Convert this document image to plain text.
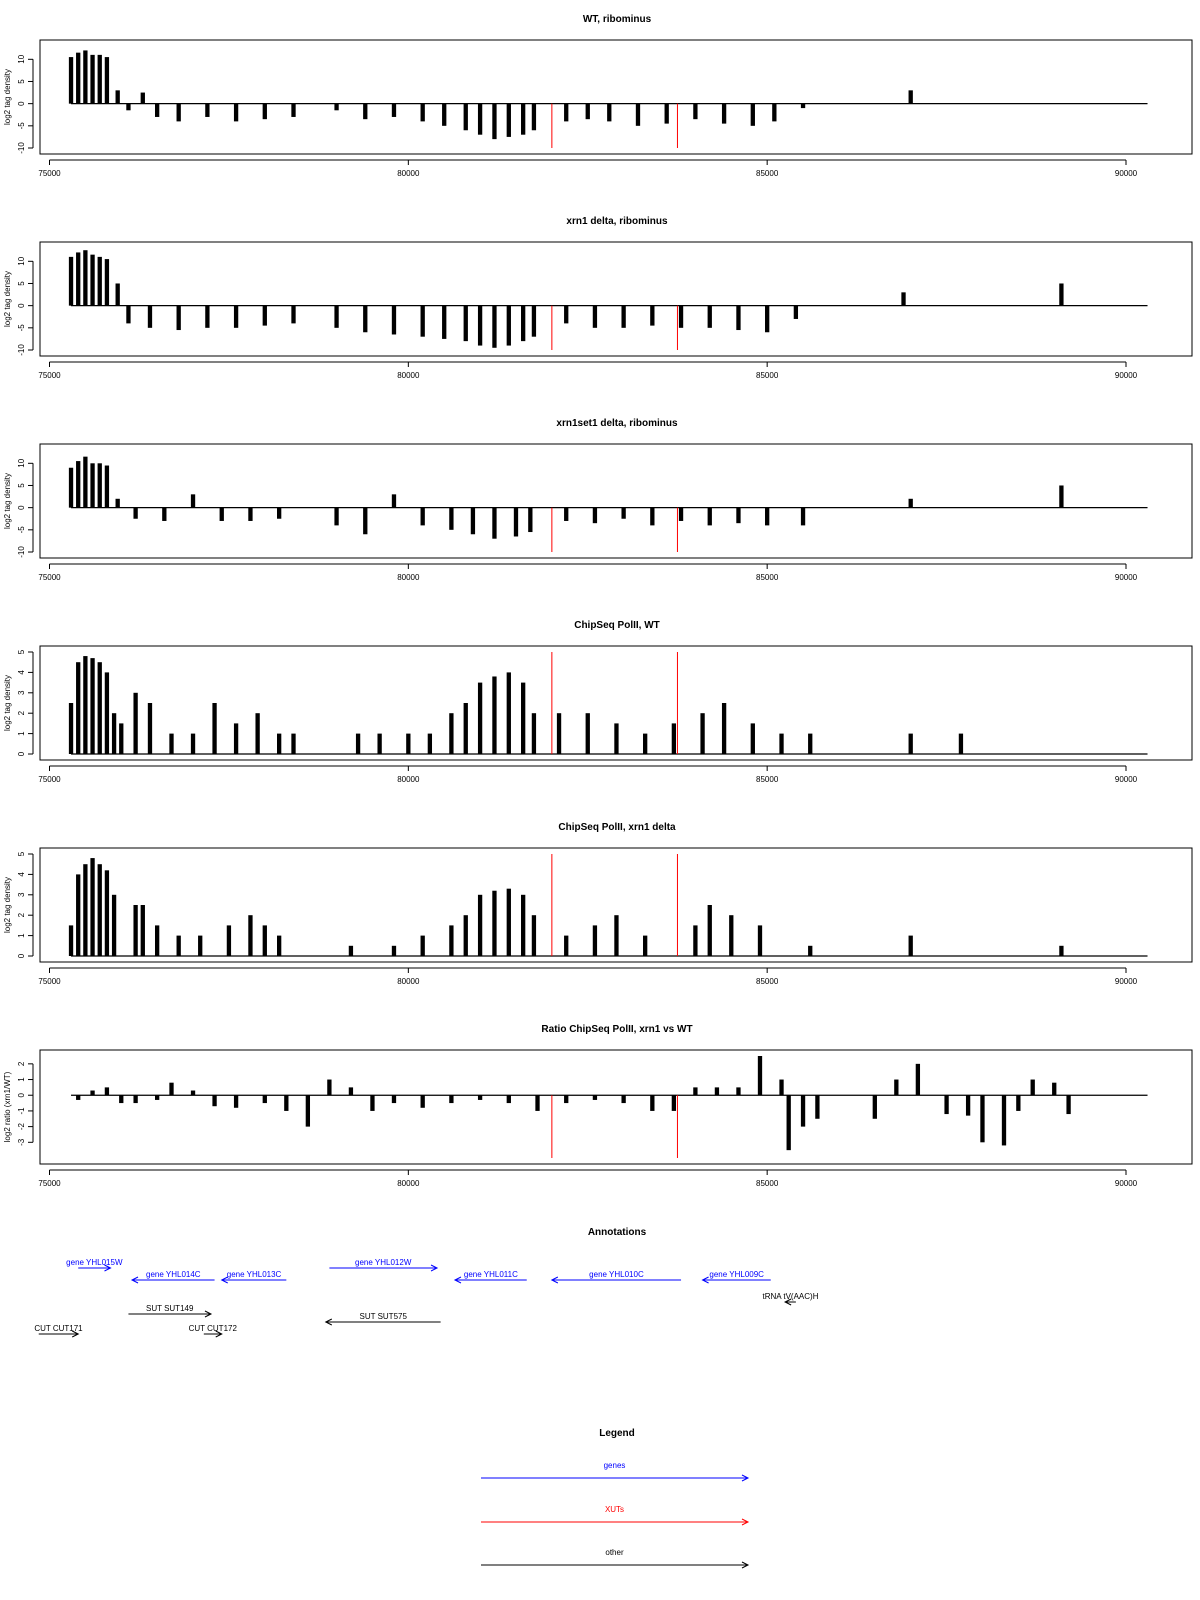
WT, ribominus
-10
-5
0
5
10
log2 tag density
75000	80000	85000	90000
xrn1 delta, ribominus
-10
-5
0
5
10
log2 tag density
75000	80000	85000	90000
xrn1set1 delta, ribominus
-10
-5
0
5
10
log2 tag density
75000	80000	85000	90000
ChipSeq PolII, WT
0
1
2
3
4
5
log2 tag density
75000	80000	85000	90000
ChipSeq PolII, xrn1 delta
0
1
2
3
4
5
log2 tag density
75000	80000	85000	90000
Ratio ChipSeq PolII, xrn1 vs WT
-3
-2
-1
0
1
2
log2 ratio (xrn1/WT)
75000	80000	85000	90000
Annotations
gene YHL015W
gene YHL014C	gene YHL013C
gene YHL012W
gene YHL011C	gene YHL010C	gene YHL009C
tRNA tV(AAC)H
SUT SUT149
SUT SUT575
CUT CUT171	CUT CUT172
Legend
genes
XUTs
other
